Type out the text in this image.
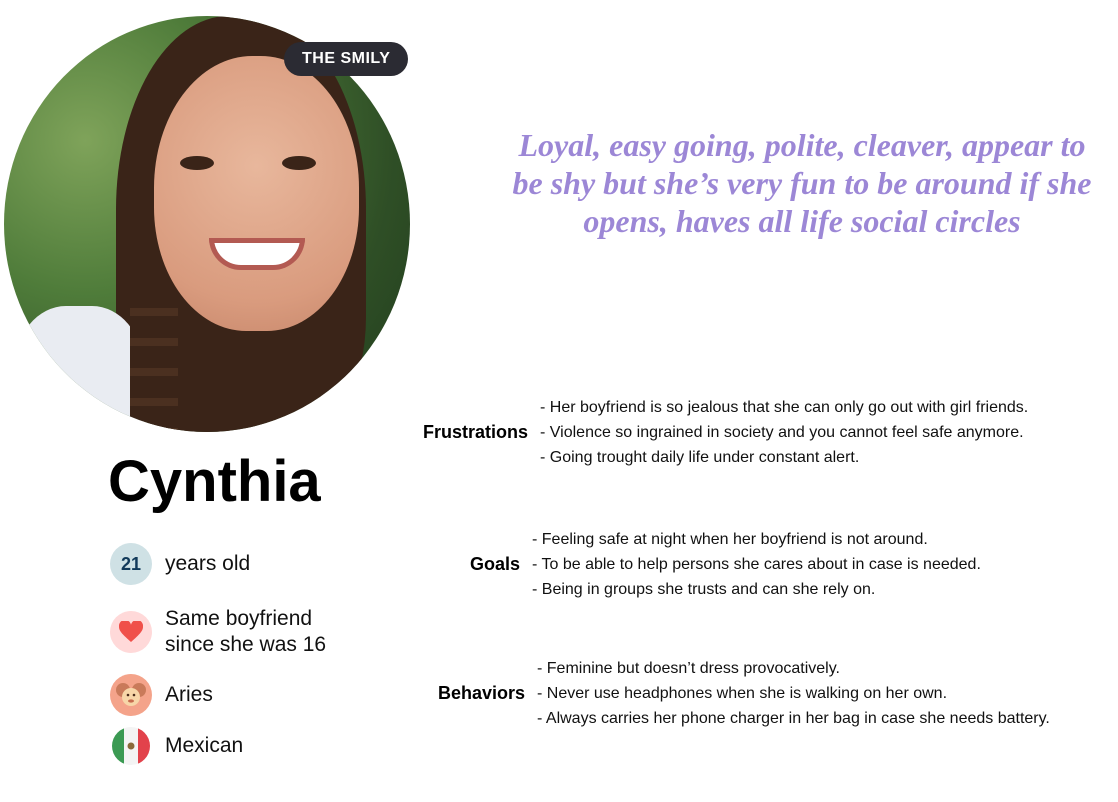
THE SMILY
Loyal, easy going, polite, cleaver, appear to be shy but she’s very fun to be around if she opens, haves all life social circles
Cynthia
21	years old
Same boyfriend
since she was 16
Aries
Mexican
Frustrations
- Her boyfriend is so jealous that she can only go out with girl friends.
- Violence so ingrained in society and you cannot feel safe anymore.
- Going trought daily life under constant alert.
Goals
- Feeling safe at night when her boyfriend is not around.
- To be able to help persons she cares about in case is needed.
- Being in groups she trusts and can she rely on.
Behaviors
- Feminine but doesn’t dress provocatively.
- Never use headphones when she is walking on her own.
- Always carries her phone charger in her bag in case she needs battery.
